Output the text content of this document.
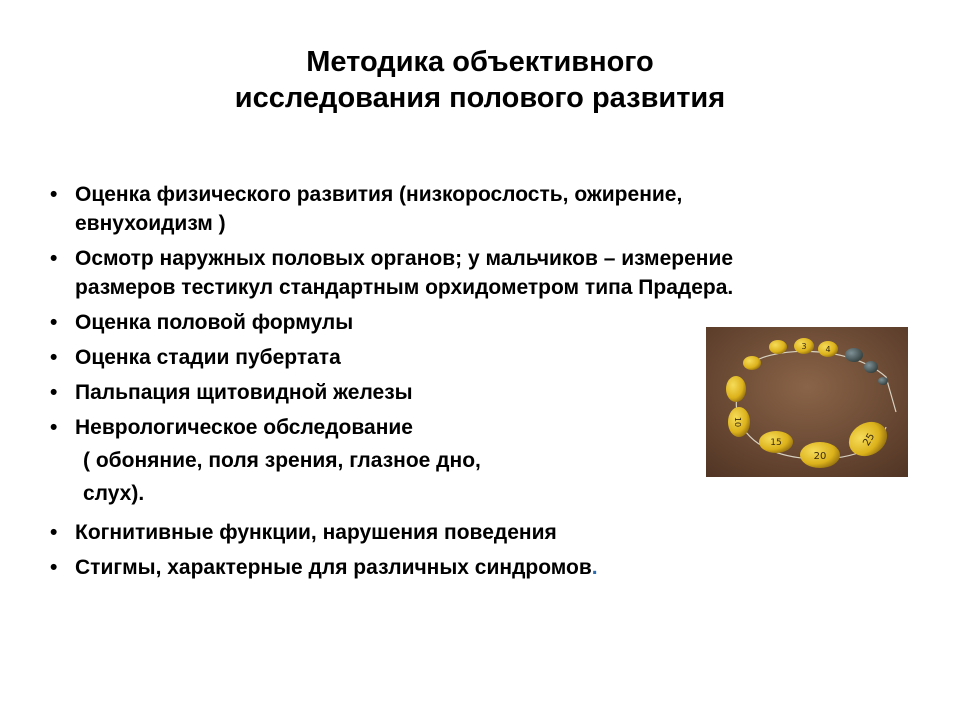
Методика объективного
исследования полового развития
• Оценка физического развития (низкорослость, ожирение,
евнухоидизм )
• Осмотр наружных половых органов; у мальчиков – измерение
размеров тестикул стандартным орхидометром типа Прадера.
• Оценка половой формулы
• Оценка стадии пубертата
• Пальпация щитовидной железы
• Неврологическое обследование
( обоняние, поля зрения, глазное дно,
слух).
• Когнитивные функции, нарушения поведения
• Стигмы, характерные для различных синдромов.
4
3
10
15
20
25
